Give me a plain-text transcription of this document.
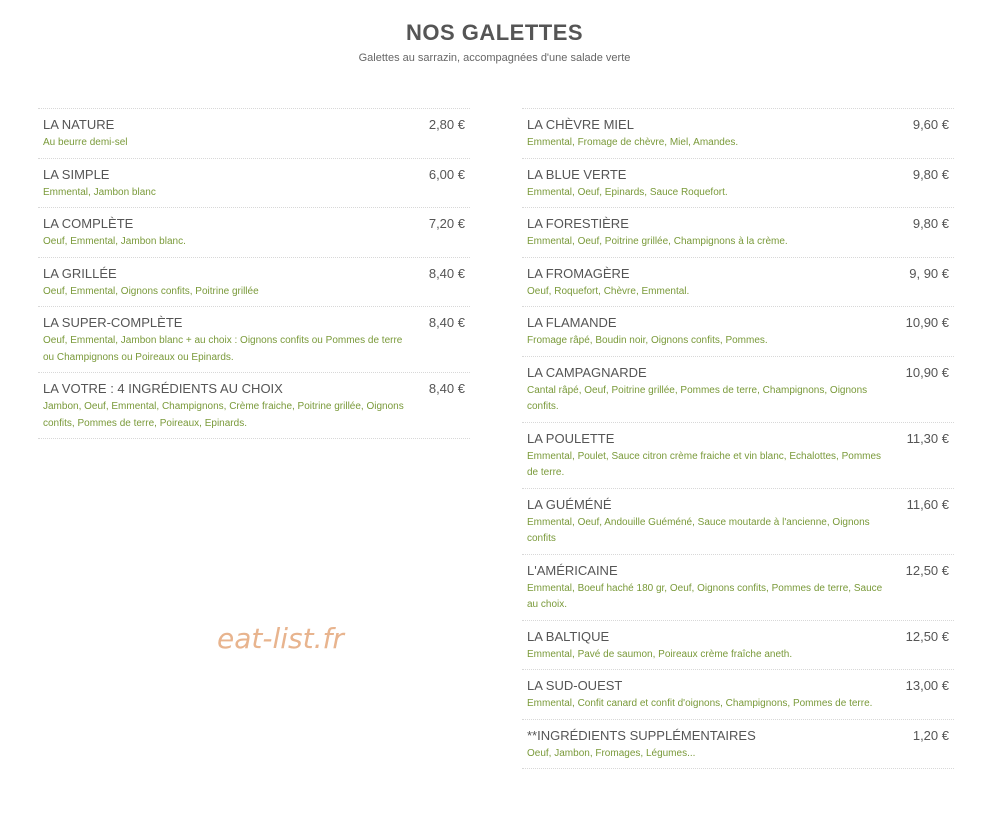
NOS GALETTES
Galettes au sarrazin, accompagnées d'une salade verte
LA NATURE	2,80 €
Au beurre demi-sel
LA SIMPLE	6,00 €
Emmental, Jambon blanc
LA COMPLÈTE	7,20 €
Oeuf, Emmental, Jambon blanc.
LA GRILLÉE	8,40 €
Oeuf, Emmental, Oignons confits, Poitrine grillée
LA SUPER-COMPLÈTE	8,40 €
Oeuf, Emmental, Jambon blanc + au choix : Oignons confits ou Pommes de terre ou Champignons ou Poireaux ou Epinards.
LA VOTRE : 4 INGRÉDIENTS AU CHOIX	8,40 €
Jambon, Oeuf, Emmental, Champignons, Crème fraiche, Poitrine grillée, Oignons confits, Pommes de terre, Poireaux, Epinards.
LA CHÈVRE MIEL	9,60 €
Emmental, Fromage de chèvre, Miel, Amandes.
LA BLUE VERTE	9,80 €
Emmental, Oeuf, Epinards, Sauce Roquefort.
LA FORESTIÈRE	9,80 €
Emmental, Oeuf, Poitrine grillée, Champignons à la crème.
LA FROMAGÈRE	9, 90 €
Oeuf, Roquefort, Chèvre, Emmental.
LA FLAMANDE	10,90 €
Fromage râpé, Boudin noir, Oignons confits, Pommes.
LA CAMPAGNARDE	10,90 €
Cantal râpé, Oeuf, Poitrine grillée, Pommes de terre, Champignons, Oignons confits.
LA POULETTE	11,30 €
Emmental, Poulet, Sauce citron crème fraiche et vin blanc, Echalottes, Pommes de terre.
LA GUÉMÉNÉ	11,60 €
Emmental, Oeuf, Andouille Guéméné, Sauce moutarde à l'ancienne, Oignons confits
L'AMÉRICAINE	12,50 €
Emmental, Boeuf haché 180 gr, Oeuf, Oignons confits, Pommes de terre, Sauce au choix.
LA BALTIQUE	12,50 €
Emmental, Pavé de saumon, Poireaux crème fraîche aneth.
LA SUD-OUEST	13,00 €
Emmental, Confit canard et confit d'oignons, Champignons, Pommes de terre.
**INGRÉDIENTS SUPPLÉMENTAIRES	1,20 €
Oeuf, Jambon, Fromages, Légumes...
eat-list.fr
